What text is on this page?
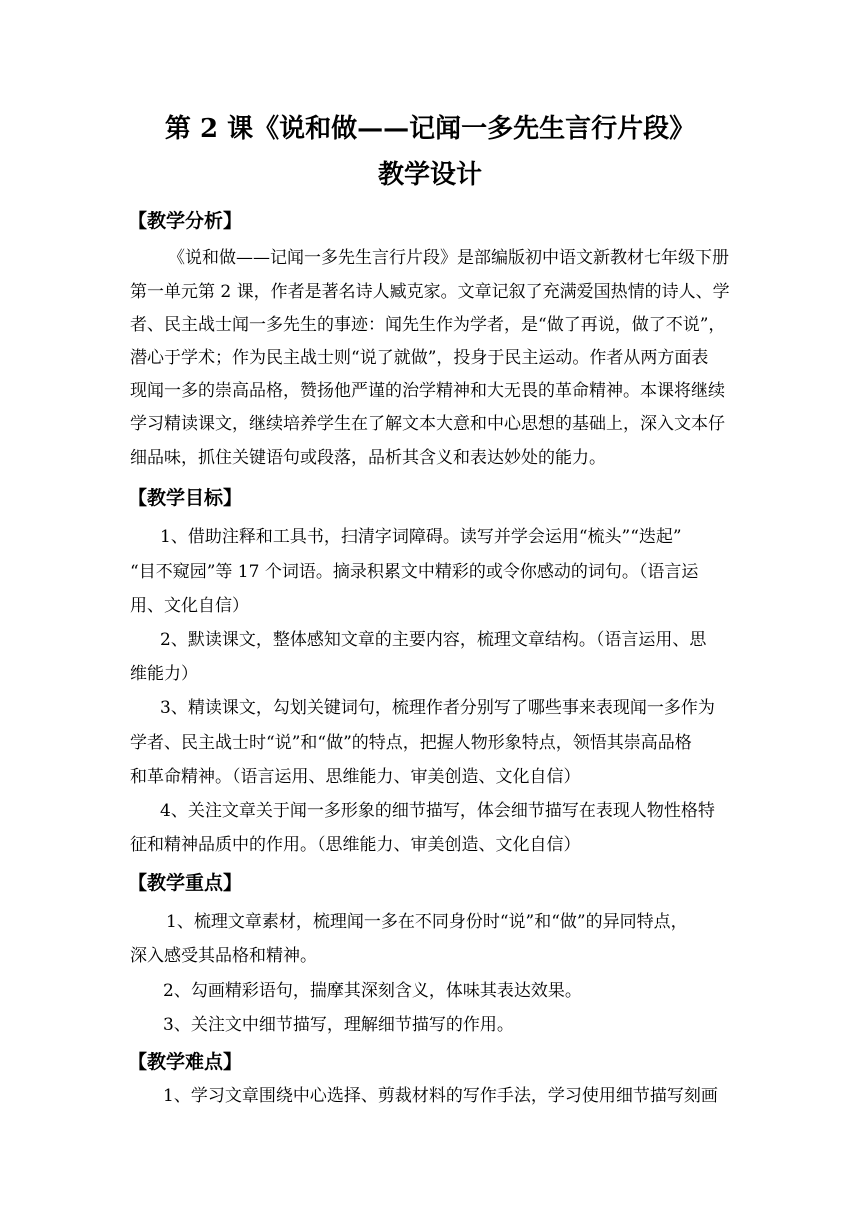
第 2 课《说和做——记闻一多先生言行片段》
教学设计
【教学分析】
《说和做——记闻一多先生言行片段》是部编版初中语文新教材七年级下册
第一单元第 2 课，作者是著名诗人臧克家。文章记叙了充满爱国热情的诗人、学
者、民主战士闻一多先生的事迹：闻先生作为学者，是“做了再说，做了不说”，
潜心于学术；作为民主战士则“说了就做”，投身于民主运动。作者从两方面表
现闻一多的崇高品格，赞扬他严谨的治学精神和大无畏的革命精神。本课将继续
学习精读课文，继续培养学生在了解文本大意和中心思想的基础上，深入文本仔
细品味，抓住关键语句或段落，品析其含义和表达妙处的能力。
【教学目标】
1、借助注释和工具书，扫清字词障碍。读写并学会运用“梳头”“迭起”
“目不窥园”等 17 个词语。摘录积累文中精彩的或令你感动的词句。（语言运
用、文化自信）
2、默读课文，整体感知文章的主要内容，梳理文章结构。（语言运用、思
维能力）
3、精读课文，勾划关键词句，梳理作者分别写了哪些事来表现闻一多作为
学者、民主战士时“说”和“做”的特点，把握人物形象特点，领悟其崇高品格
和革命精神。（语言运用、思维能力、审美创造、文化自信）
4、关注文章关于闻一多形象的细节描写，体会细节描写在表现人物性格特
征和精神品质中的作用。（思维能力、审美创造、文化自信）
【教学重点】
1、梳理文章素材，梳理闻一多在不同身份时“说”和“做”的异同特点，
深入感受其品格和精神。
2、勾画精彩语句，揣摩其深刻含义，体味其表达效果。
3、关注文中细节描写，理解细节描写的作用。
【教学难点】
1、学习文章围绕中心选择、剪裁材料的写作手法，学习使用细节描写刻画
